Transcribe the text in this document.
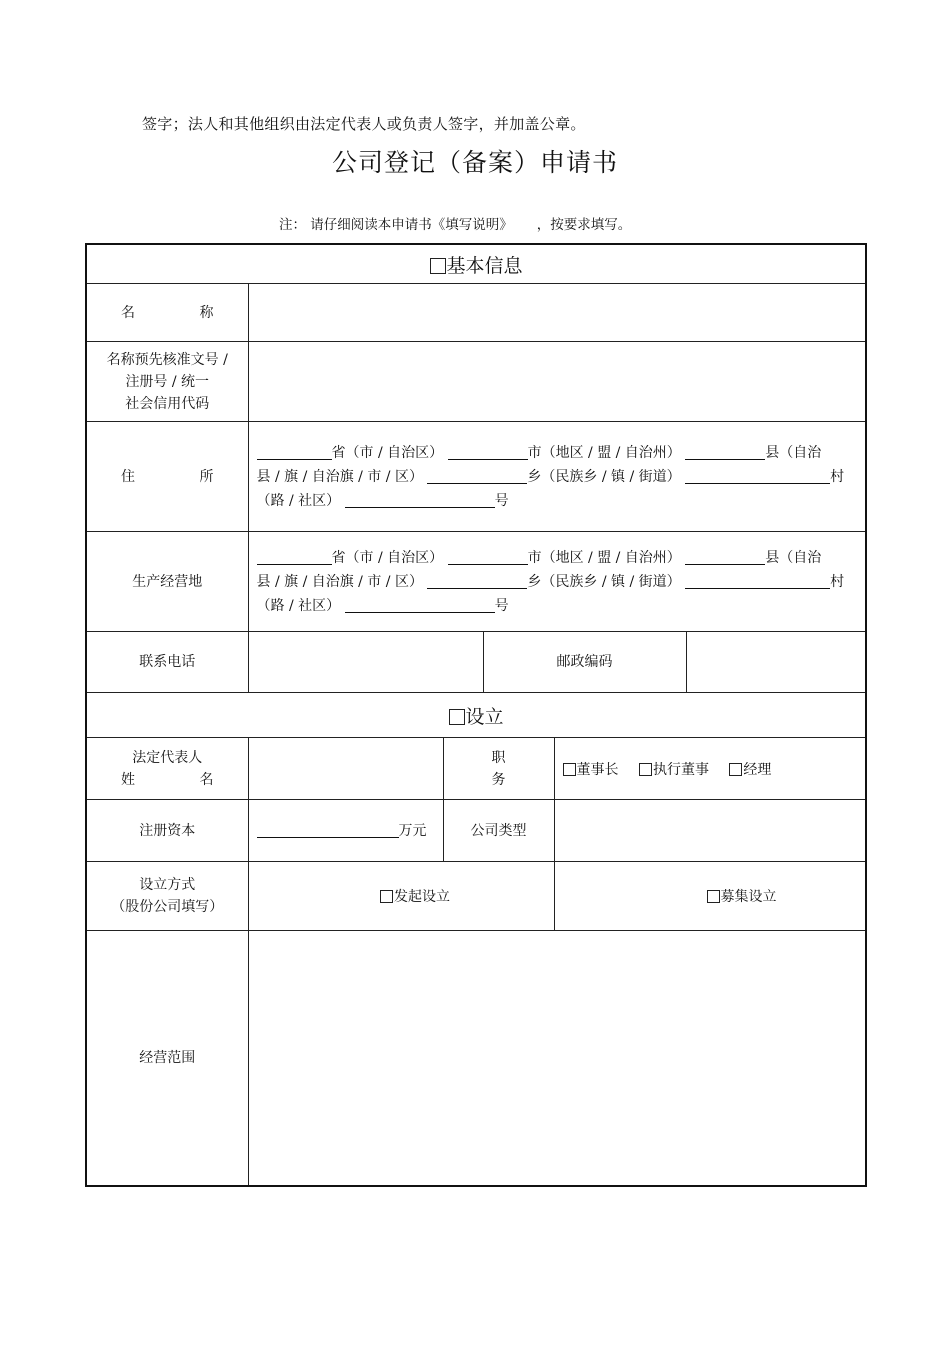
签字；法人和其他组织由法定代表人或负责人签字，并加盖公章。
公司登记（备案）申请书
注： 请仔细阅读本申请书《填写说明》 ，按要求填写。
基本信息					
名 称					

名称预先核准文号 /
注册号 / 统一
社会信用代码					

住 所	省（市 / 自治区） 市（地区 / 盟 / 自治州） 县（自治
县 / 旗 / 自治旗 / 市 / 区） 乡（民族乡 / 镇 / 街道） 村
（路 / 社区） 号				
生产经营地	省（市 / 自治区） 市（地区 / 盟 / 自治州） 县（自治
县 / 旗 / 自治旗 / 市 / 区） 乡（民族乡 / 镇 / 街道） 村
（路 / 社区） 号				
联系电话			邮政编码		
设立					

法定代表人
姓 名		职 务		董事长 执行董事 经理	
注册资本	万元	公司类型			

设立方式
（股份公司填写）	发起设立			募集设立	
经营范围					
